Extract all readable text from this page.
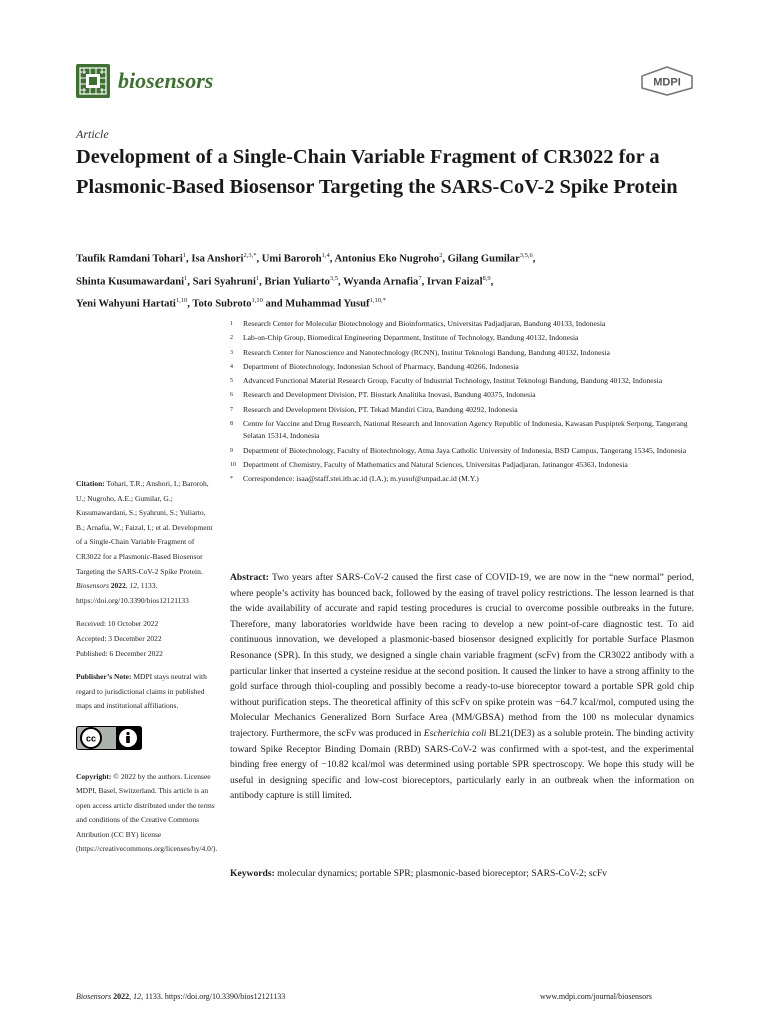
biosensors	MDPI
Article
Development of a Single-Chain Variable Fragment of CR3022 for a Plasmonic-Based Biosensor Targeting the SARS-CoV-2 Spike Protein
Taufik Ramdani Tohari$^1$, Isa Anshori$^{2,3,*}$, Umi Baroroh$^{1,4}$, Antonius Eko Nugroho$^2$, Gilang Gumilar$^{3,5,6}$,
Shinta Kusumawardani$^1$, Sari Syahruni$^1$, Brian Yuliarto$^{3,5}$, Wyanda Arnafia$^7$, Irvan Faizal$^{8,9}$,
Yeni Wahyuni Hartati$^{1,10}$, Toto Subroto$^{1,10}$ and Muhammad Yusuf$^{1,10,*}$
1	Research Center for Molecular Biotechnology and Bioinformatics, Universitas Padjadjaran, Bandung 40133, Indonesia
2	Lab-on-Chip Group, Biomedical Engineering Department, Institute of Technology, Bandung 40132, Indonesia
3	Research Center for Nanoscience and Nanotechnology (RCNN), Institut Teknologi Bandung, Bandung 40132, Indonesia
4	Department of Biotechnology, Indonesian School of Pharmacy, Bandung 40266, Indonesia
5	Advanced Functional Material Research Group, Faculty of Industrial Technology, Institut Teknologi Bandung, Bandung 40132, Indonesia
6	Research and Development Division, PT. Biostark Analitika Inovasi, Bandung 40375, Indonesia
7	Research and Development Division, PT. Tekad Mandiri Citra, Bandung 40292, Indonesia
8	Centre for Vaccine and Drug Research, National Research and Innovation Agency Republic of Indonesia, Kawasan Puspiptek Serpong, Tangerang Selatan 15314, Indonesia
9	Department of Biotechnology, Faculty of Biotechnology, Atma Jaya Catholic University of Indonesia, BSD Campus, Tangerang 15345, Indonesia
10 Department of Chemistry, Faculty of Mathematics and Natural Sciences, Universitas Padjadjaran, Jatinangor 45363, Indonesia
*	Correspondence: isaa@staff.stei.itb.ac.id (I.A.); m.yusuf@unpad.ac.id (M.Y.)
Citation: Tohari, T.R.; Anshori, I.; Baroroh, U.; Nugroho, A.E.; Gumilar, G.; Kusumawardani, S.; Syahruni, S.; Yuliarto, B.; Arnafia, W.; Faizal, I.; et al. Development of a Single-Chain Variable Fragment of CR3022 for a Plasmonic-Based Biosensor Targeting the SARS-CoV-2 Spike Protein. Biosensors 2022, 12, 1133. https://doi.org/10.3390/bios12121133
Received: 10 October 2022
Accepted: 3 December 2022
Published: 6 December 2022
Publisher’s Note: MDPI stays neutral with regard to jurisdictional claims in published maps and institutional affiliations.
cc
Copyright: © 2022 by the authors. Licensee MDPI, Basel, Switzerland. This article is an open access article distributed under the terms and conditions of the Creative Commons Attribution (CC BY) license (https://creativecommons.org/licenses/by/4.0/).
Abstract: Two years after SARS-CoV-2 caused the first case of COVID-19, we are now in the “new normal” period, where people’s activity has bounced back, followed by the easing of travel policy restrictions. The lesson learned is that the wide availability of accurate and rapid testing procedures is crucial to overcome possible outbreaks in the future. Therefore, many laboratories worldwide have been racing to develop a new point-of-care diagnostic test. To aid continuous innovation, we developed a plasmonic-based biosensor designed explicitly for portable Surface Plasmon Resonance (SPR). In this study, we designed a single chain variable fragment (scFv) from the CR3022 antibody with a particular linker that inserted a cysteine residue at the second position. It caused the linker to have a strong affinity to the gold surface through thiol-coupling and possibly become a ready-to-use bioreceptor toward a portable SPR gold chip without purification steps. The theoretical affinity of this scFv on spike protein was −64.7 kcal/mol, computed using the Molecular Mechanics Generalized Born Surface Area (MM/GBSA) method from the 100 ns molecular dynamics trajectory. Furthermore, the scFv was produced in Escherichia coli BL21(DE3) as a soluble protein. The binding activity toward Spike Receptor Binding Domain (RBD) SARS-CoV-2 was confirmed with a spot-test, and the experimental binding free energy of −10.82 kcal/mol was determined using portable SPR spectroscopy. We hope this study will be useful in designing specific and low-cost bioreceptors, particularly early in an outbreak when the information on antibody capture is still limited.
Keywords: molecular dynamics; portable SPR; plasmonic-based bioreceptor; SARS-CoV-2; scFv
Biosensors 2022, 12, 1133. https://doi.org/10.3390/bios12121133	www.mdpi.com/journal/biosensors
